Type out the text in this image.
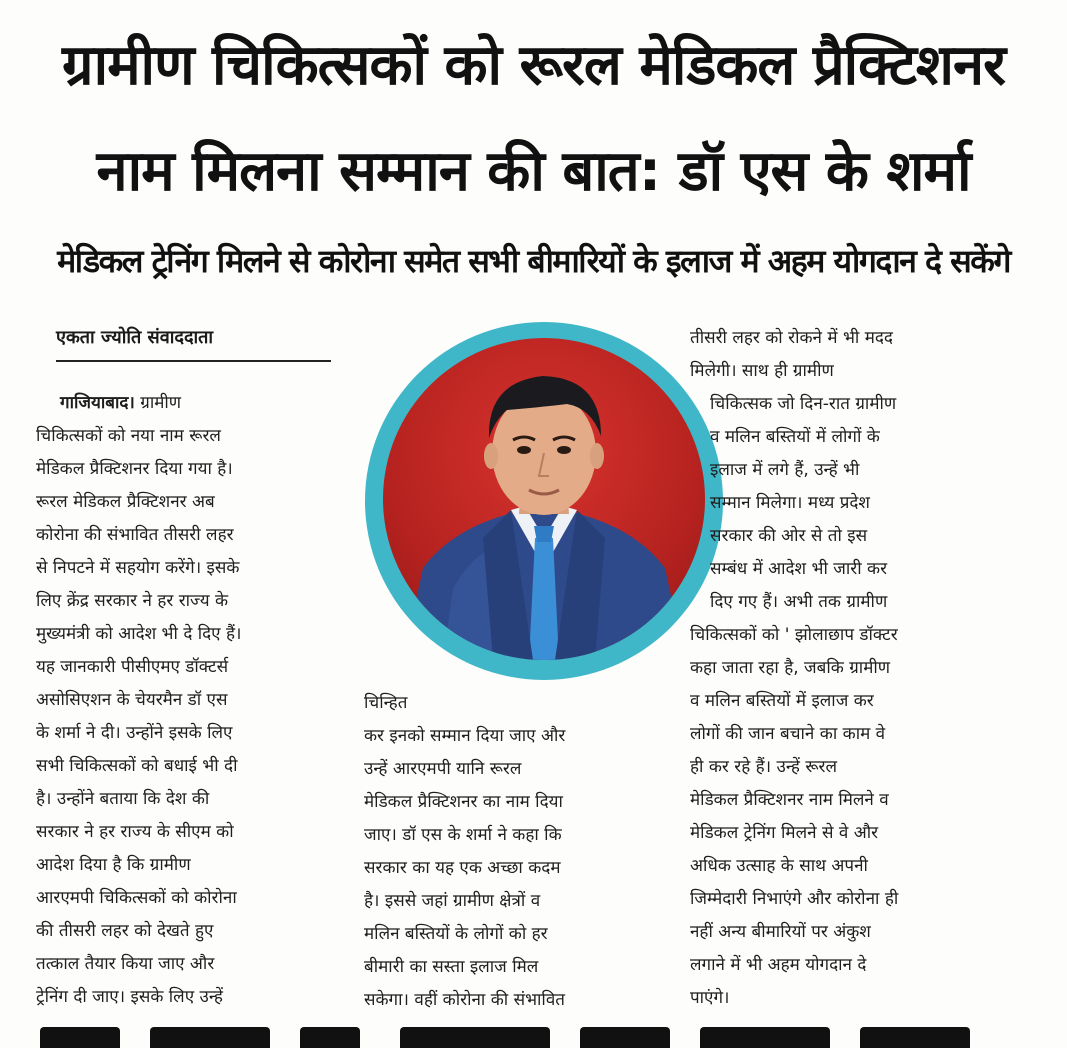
ग्रामीण चिकित्सकों को रूरल मेडिकल प्रैक्टिशनर
नाम मिलना सम्मान की बात: डॉ एस के शर्मा
मेडिकल ट्रेनिंग मिलने से कोरोना समेत सभी बीमारियों के इलाज में अहम योगदान दे सकेंगे
एकता ज्योति संवाददाता
गाजियाबाद। ग्रामीण
चिकित्सकों को नया नाम रूरल
मेडिकल प्रैक्टिशनर दिया गया है।
रूरल मेडिकल प्रैक्टिशनर अब
कोरोना की संभावित तीसरी लहर
से निपटने में सहयोग करेंगे। इसके
लिए क्रेंद्र सरकार ने हर राज्य के
मुख्यमंत्री को आदेश भी दे दिए हैं।
यह जानकारी पीसीएमए डॉक्टर्स
असोसिएशन के चेयरमैन डॉ एस
के शर्मा ने दी। उन्होंने इसके लिए
सभी चिकित्सकों को बधाई भी दी
है। उन्होंने बताया कि देश की
सरकार ने हर राज्य के सीएम को
आदेश दिया है कि ग्रामीण
आरएमपी चिकित्सकों को कोरोना
की तीसरी लहर को देखते हुए
तत्काल तैयार किया जाए और
ट्रेनिंग दी जाए। इसके लिए उन्हें
चिन्हित
कर इनको सम्मान दिया जाए और
उन्हें आरएमपी यानि रूरल
मेडिकल प्रैक्टिशनर का नाम दिया
जाए। डॉ एस के शर्मा ने कहा कि
सरकार का यह एक अच्छा कदम
है। इससे जहां ग्रामीण क्षेत्रों व
मलिन बस्तियों के लोगों को हर
बीमारी का सस्ता इलाज मिल
सकेगा। वहीं कोरोना की संभावित
तीसरी लहर को रोकने में भी मदद
मिलेगी। साथ ही ग्रामीण
चिकित्सक जो दिन-रात ग्रामीण
व मलिन बस्तियों में लोगों के
इलाज में लगे हैं, उन्हें भी
सम्मान मिलेगा। मध्य प्रदेश
सरकार की ओर से तो इस
सम्बंध में आदेश भी जारी कर
दिए गए हैं। अभी तक ग्रामीण
चिकित्सकों को ' झोलाछाप डॉक्टर
कहा जाता रहा है, जबकि ग्रामीण
व मलिन बस्तियों में इलाज कर
लोगों की जान बचाने का काम वे
ही कर रहे हैं। उन्हें रूरल
मेडिकल प्रैक्टिशनर नाम मिलने व
मेडिकल ट्रेनिंग मिलने से वे और
अधिक उत्साह के साथ अपनी
जिम्मेदारी निभाएंगे और कोरोना ही
नहीं अन्य बीमारियों पर अंकुश
लगाने में भी अहम योगदान दे
पाएंगे।
